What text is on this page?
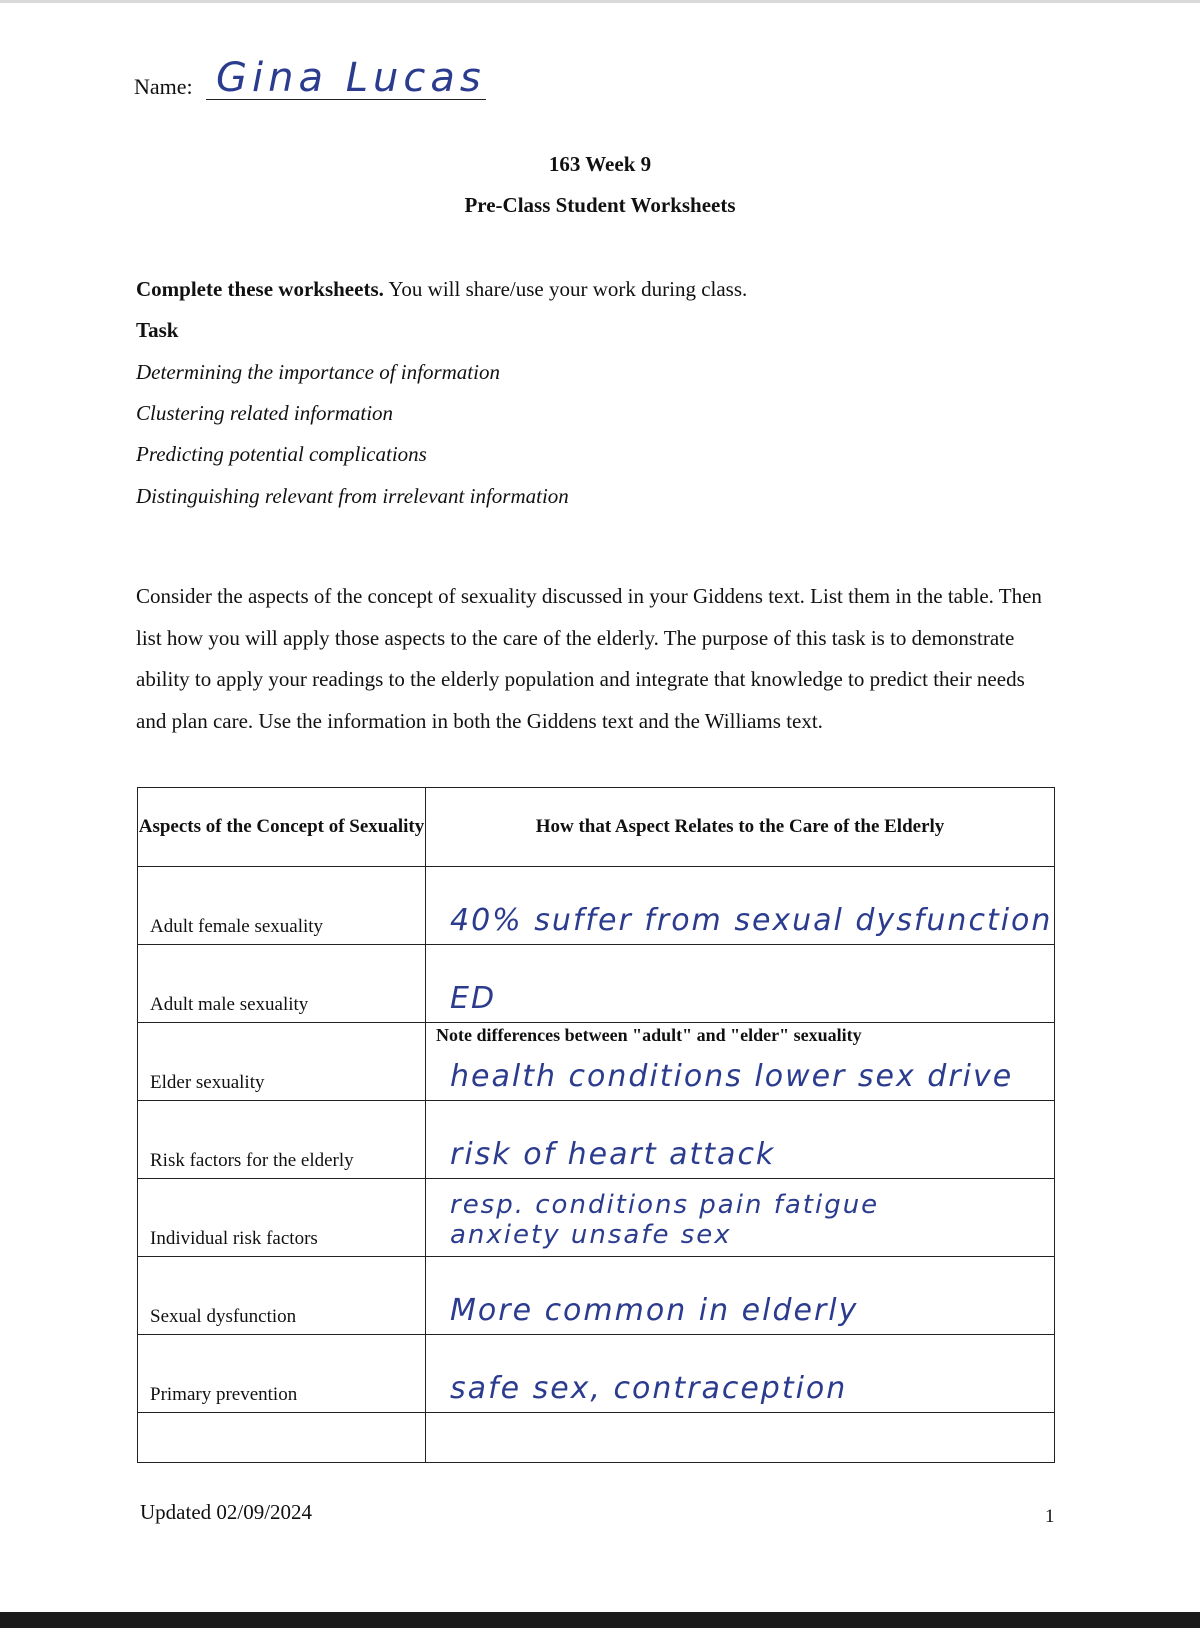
Name: Gina Lucas
163 Week 9
Pre-Class Student Worksheets
Complete these worksheets. You will share/use your work during class.
Task
Determining the importance of information
Clustering related information
Predicting potential complications
Distinguishing relevant from irrelevant information
Consider the aspects of the concept of sexuality discussed in your Giddens text. List them in the table. Then list how you will apply those aspects to the care of the elderly. The purpose of this task is to demonstrate ability to apply your readings to the elderly population and integrate that knowledge to predict their needs and plan care. Use the information in both the Giddens text and the Williams text.
Aspects of the Concept of Sexuality	How that Aspect Relates to the Care of the Elderly
Adult female sexuality	40% suffer from sexual dysfunction

Adult male sexuality	ED

Elder sexuality	Note differences between "adult" and "elder" sexuality
health conditions lower sex drive

Risk factors for the elderly	risk of heart attack

Individual risk factors	resp. conditions pain fatigue
anxiety unsafe sex

Sexual dysfunction	More common in elderly

Primary prevention	safe sex, contraception

Updated 02/09/2024	1
